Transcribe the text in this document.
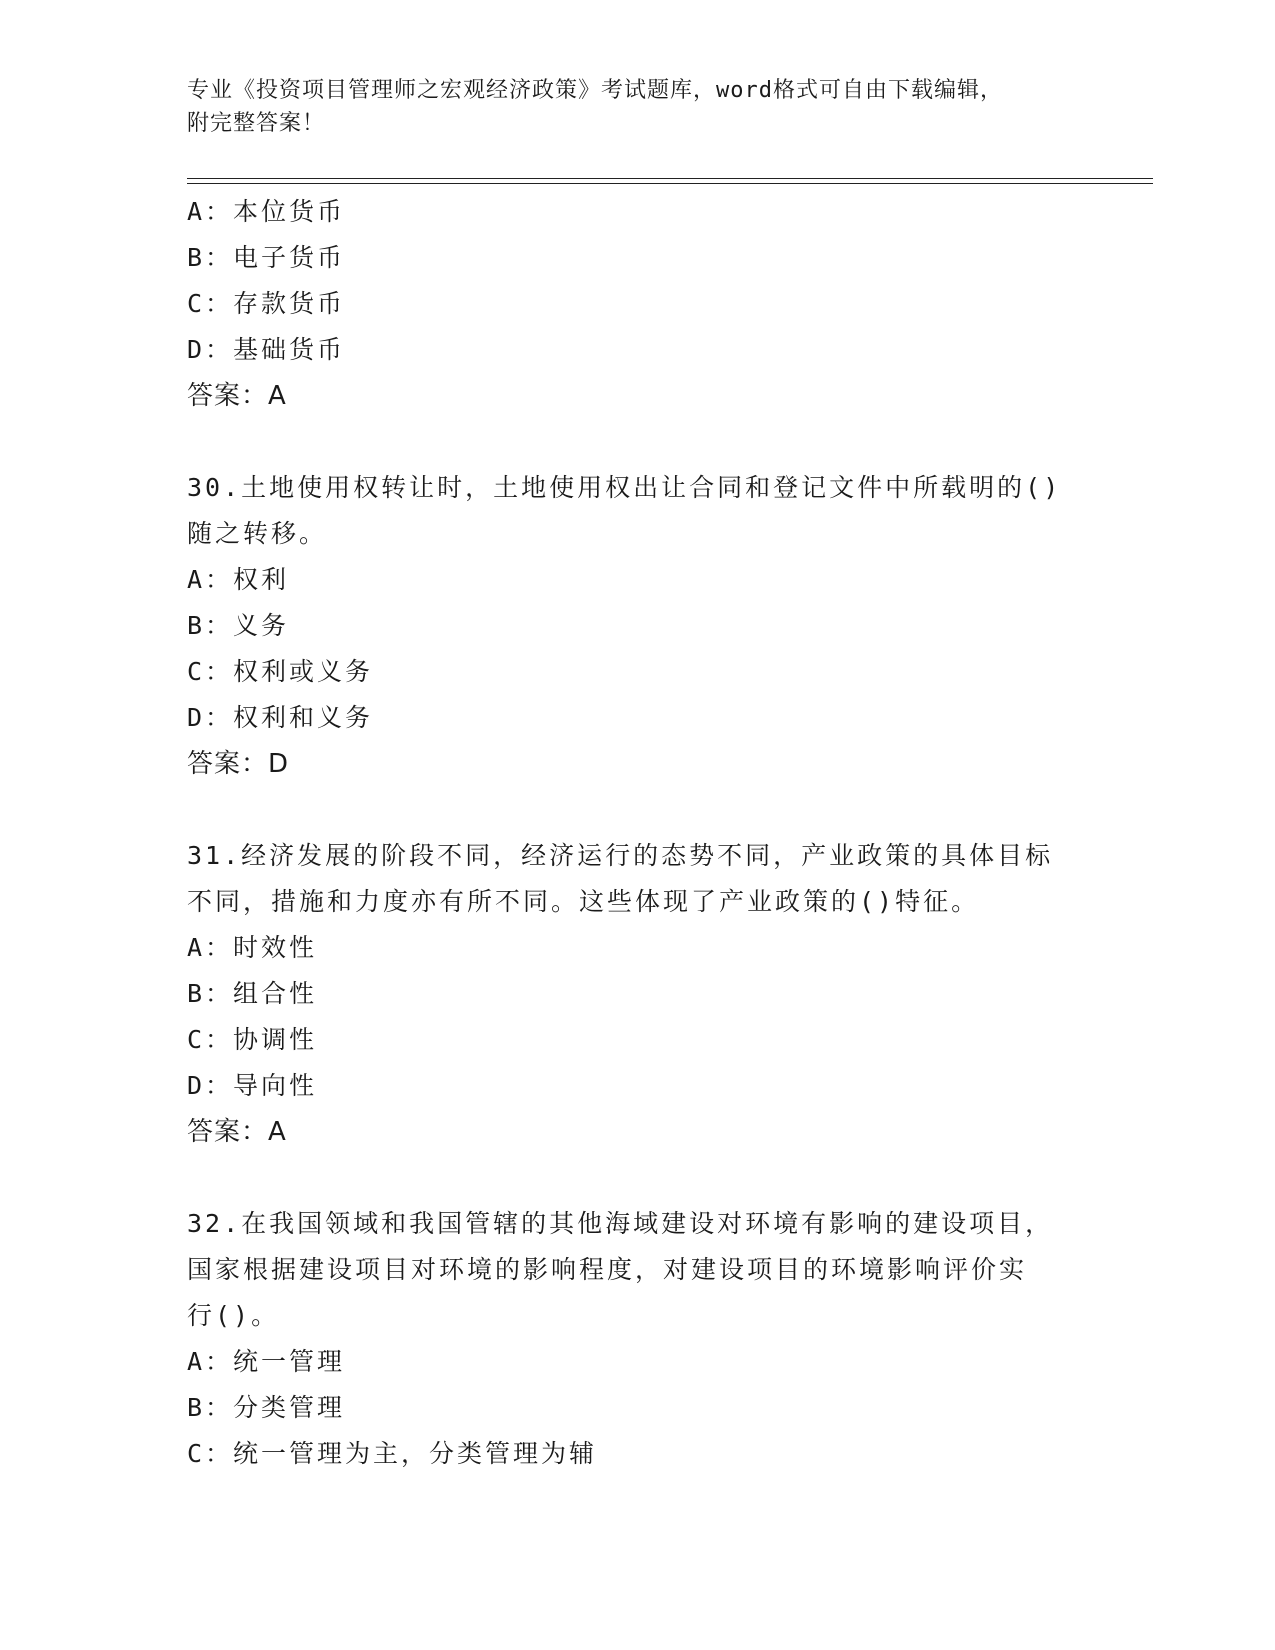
专业《投资项目管理师之宏观经济政策》考试题库，word格式可自由下载编辑，
附完整答案！
A：本位货币
B：电子货币
C：存款货币
D：基础货币
答案：A
30.土地使用权转让时，土地使用权出让合同和登记文件中所载明的()
随之转移。
A：权利
B：义务
C：权利或义务
D：权利和义务
答案：D
31.经济发展的阶段不同，经济运行的态势不同，产业政策的具体目标
不同，措施和力度亦有所不同。这些体现了产业政策的()特征。
A：时效性
B：组合性
C：协调性
D：导向性
答案：A
32.在我国领域和我国管辖的其他海域建设对环境有影响的建设项目，
国家根据建设项目对环境的影响程度，对建设项目的环境影响评价实
行()。
A：统一管理
B：分类管理
C：统一管理为主，分类管理为辅
